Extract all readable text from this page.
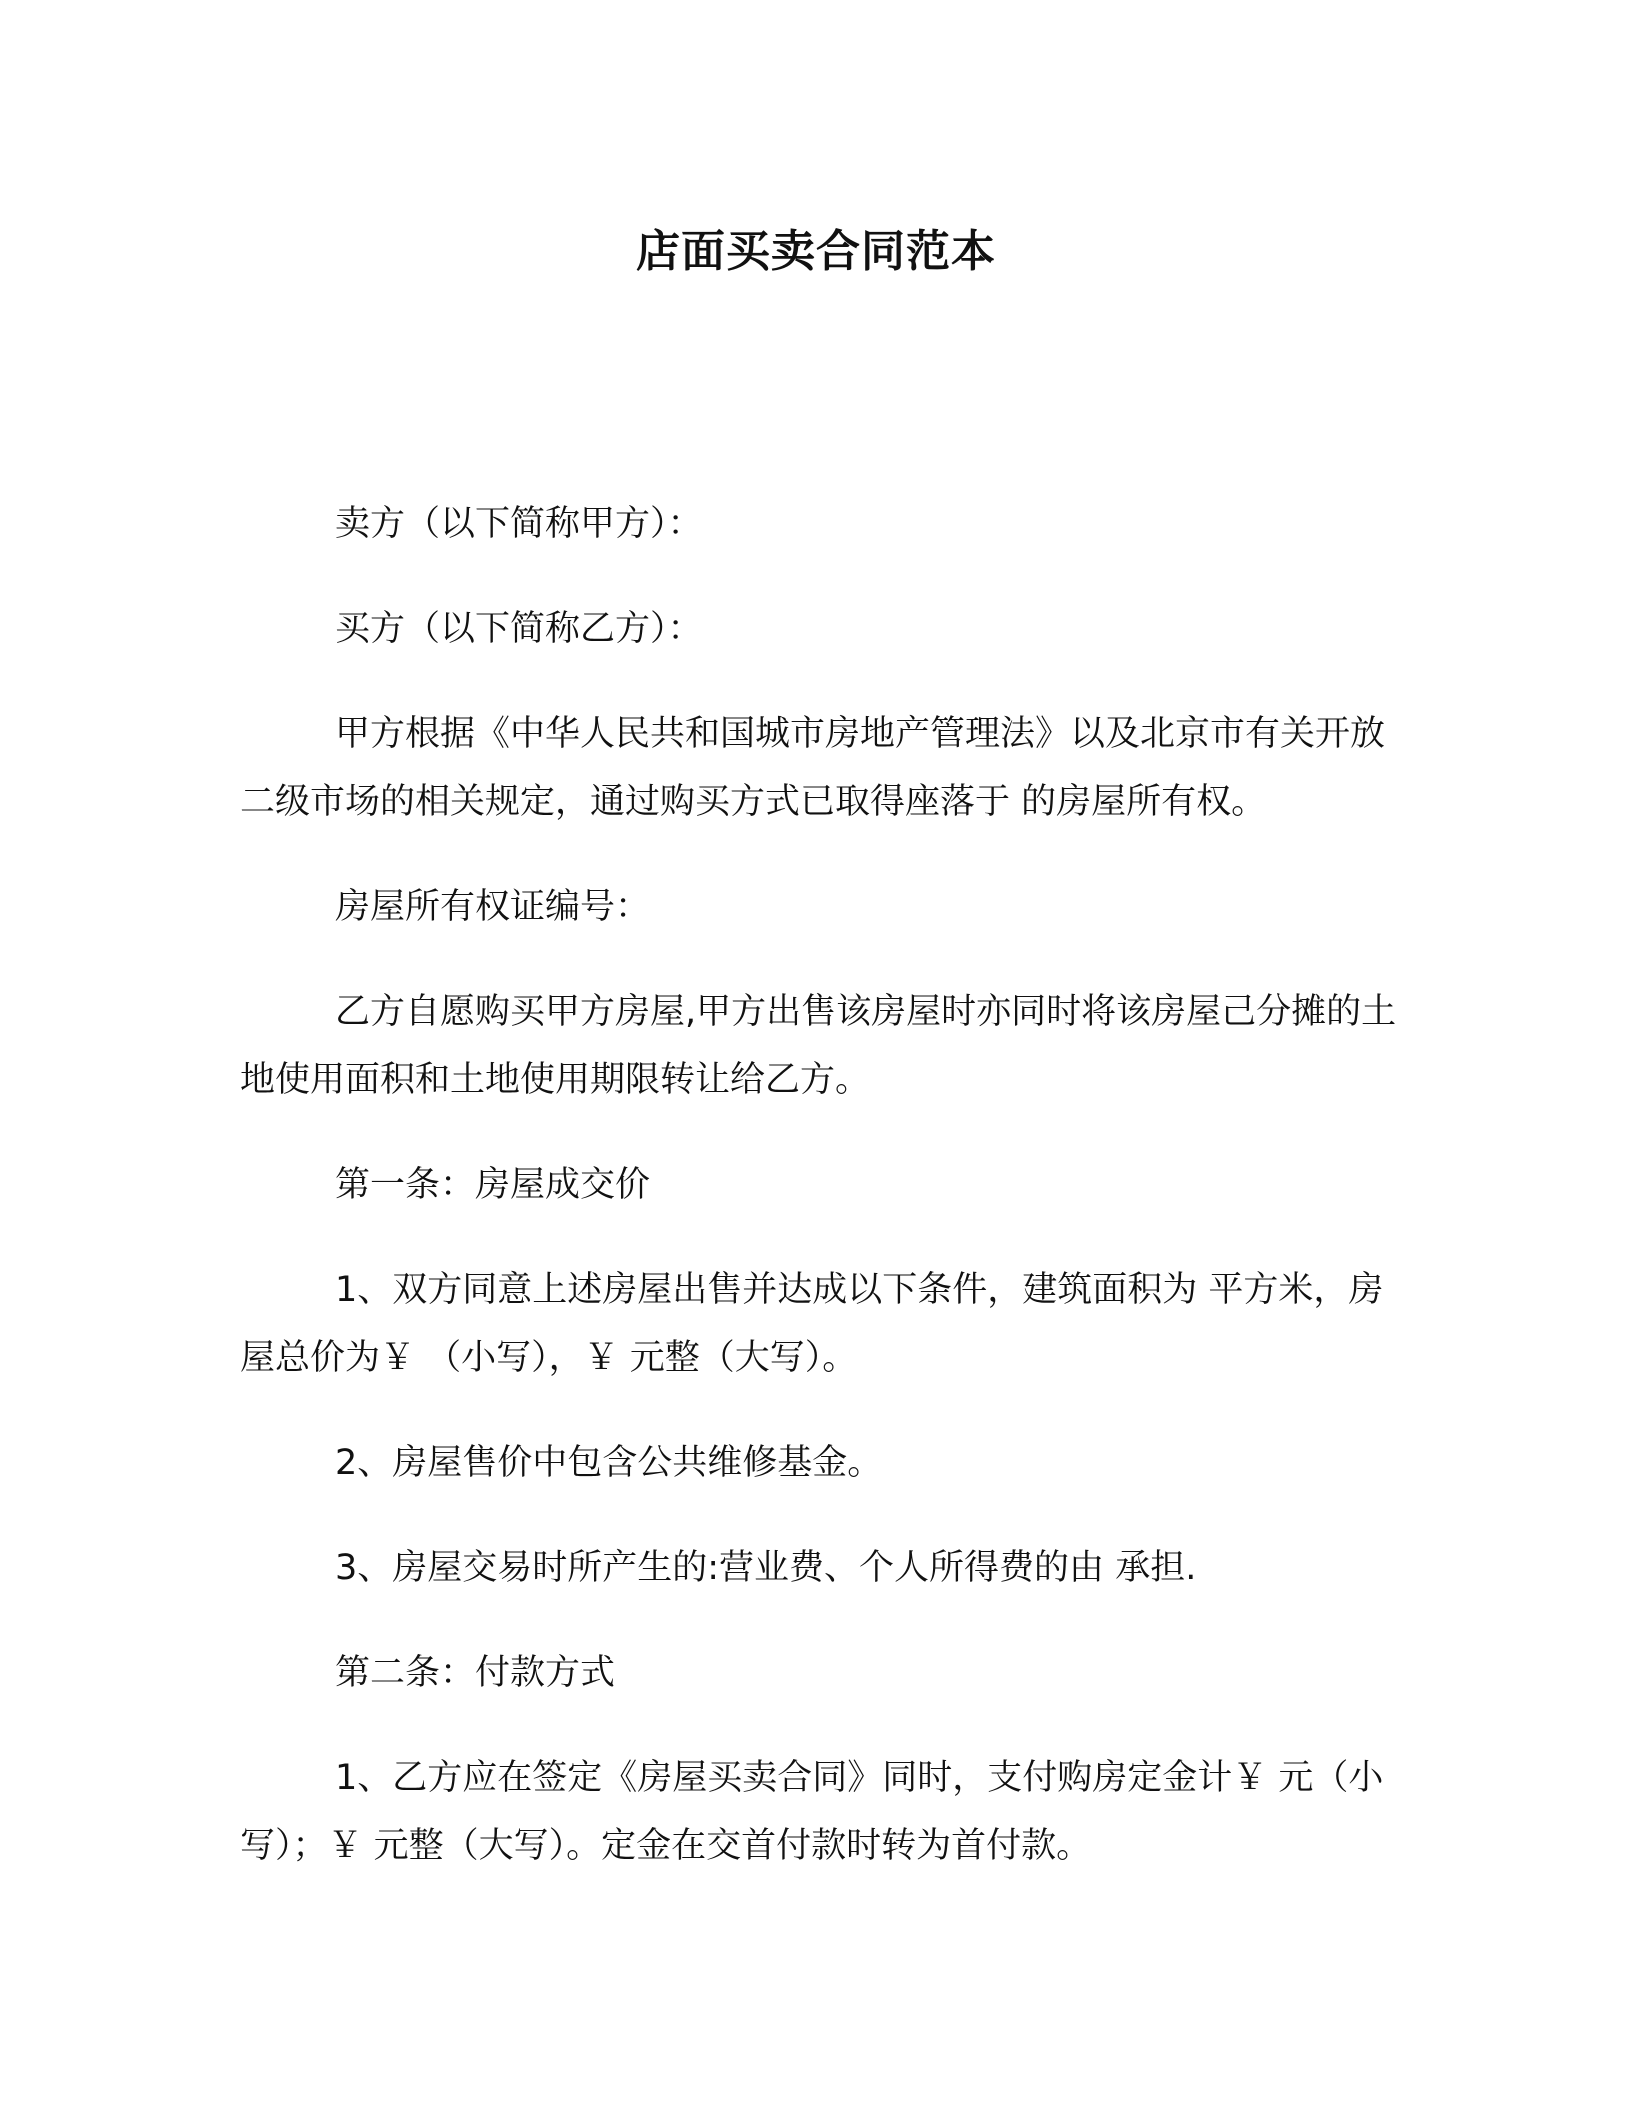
店面买卖合同范本

卖方（以下简称甲方）：

买方（以下简称乙方）：

甲方根据《中华人民共和国城市房地产管理法》以及北京市有关开放二级市场的相关规定，通过购买方式已取得座落于 的房屋所有权。

房屋所有权证编号：

乙方自愿购买甲方房屋,甲方出售该房屋时亦同时将该房屋己分摊的土地使用面积和土地使用期限转让给乙方。

第一条：房屋成交价

1、双方同意上述房屋出售并达成以下条件，建筑面积为 平方米，房屋总价为￥ （小写），￥ 元整（大写）。

2、房屋售价中包含公共维修基金。

3、房屋交易时所产生的:营业费、个人所得费的由 承担.

第二条：付款方式

1、乙方应在签定《房屋买卖合同》同时，支付购房定金计￥ 元（小写）；￥ 元整（大写）。定金在交首付款时转为首付款。
